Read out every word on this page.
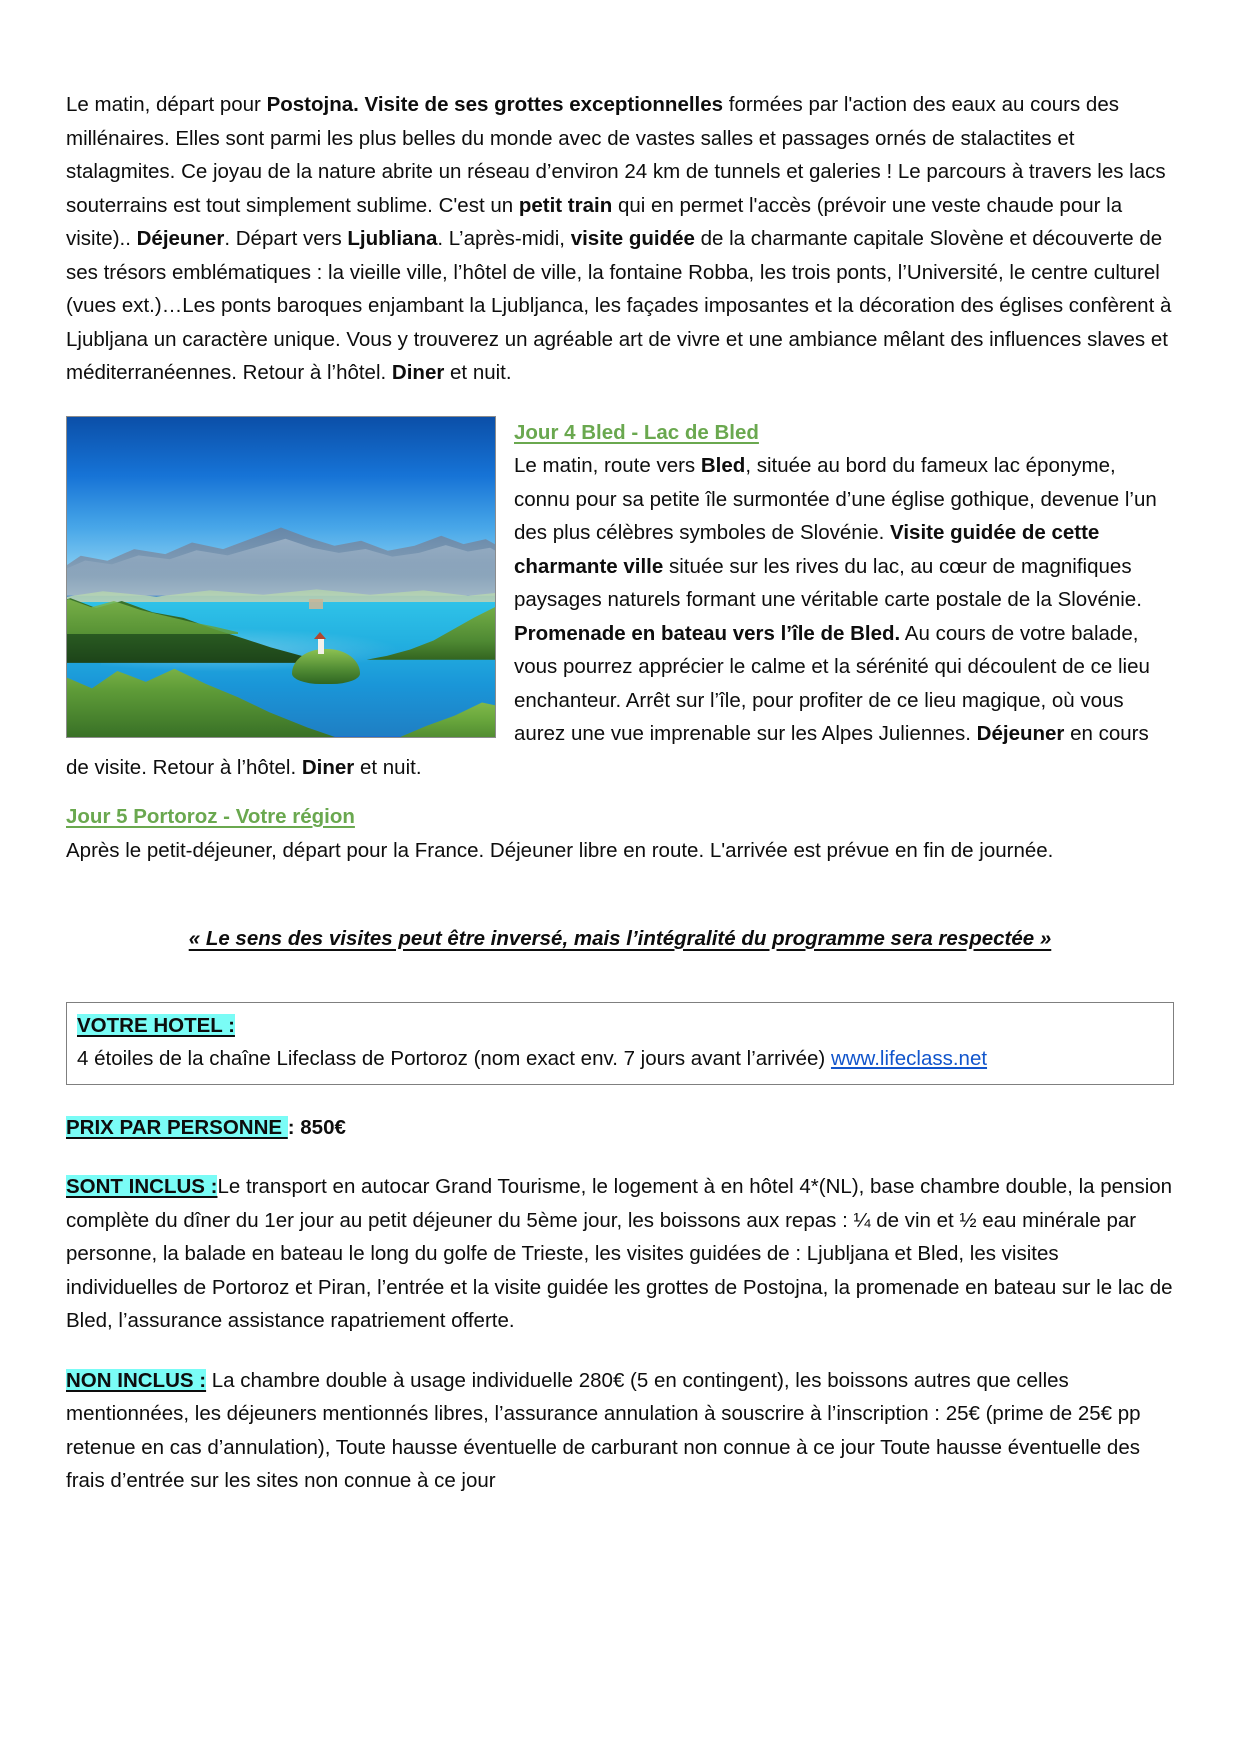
Le matin, départ pour Postojna. Visite de ses grottes exceptionnelles formées par l'action des eaux au cours des millénaires. Elles sont parmi les plus belles du monde avec de vastes salles et passages ornés de stalactites et stalagmites. Ce joyau de la nature abrite un réseau d’environ 24 km de tunnels et galeries ! Le parcours à travers les lacs souterrains est tout simplement sublime. C'est un petit train qui en permet l'accès (prévoir une veste chaude pour la visite).. Déjeuner. Départ vers Ljubliana. L’après-midi, visite guidée de la charmante capitale Slovène et découverte de ses trésors emblématiques : la vieille ville, l’hôtel de ville, la fontaine Robba, les trois ponts, l’Université, le centre culturel (vues ext.)…Les ponts baroques enjambant la Ljubljanca, les façades imposantes et la décoration des églises confèrent à Ljubljana un caractère unique. Vous y trouverez un agréable art de vivre et une ambiance mêlant des influences slaves et méditerranéennes. Retour à l’hôtel. Diner et nuit.

Jour 4 Bled - Lac de Bled
Le matin, route vers Bled, située au bord du fameux lac éponyme, connu pour sa petite île surmontée d’une église gothique, devenue l’un des plus célèbres symboles de Slovénie. Visite guidée de cette charmante ville située sur les rives du lac, au cœur de magnifiques paysages naturels formant une véritable carte postale de la Slovénie. Promenade en bateau vers l’île de Bled. Au cours de votre balade, vous pourrez apprécier le calme et la sérénité qui découlent de ce lieu enchanteur. Arrêt sur l’île, pour profiter de ce lieu magique, où vous aurez une vue imprenable sur les Alpes Juliennes. Déjeuner en cours de visite. Retour à l’hôtel. Diner et nuit.

Jour 5 Portoroz - Votre région

Après le petit-déjeuner, départ pour la France. Déjeuner libre en route. L'arrivée est prévue en fin de journée.

« Le sens des visites peut être inversé, mais l’intégralité du programme sera respectée »

VOTRE HOTEL :

4 étoiles de la chaîne Lifeclass de Portoroz (nom exact env. 7 jours avant l’arrivée) www.lifeclass.net

PRIX PAR PERSONNE : 850€

SONT INCLUS :Le transport en autocar Grand Tourisme, le logement à en hôtel 4*(NL), base chambre double, la pension complète du dîner du 1er jour au petit déjeuner du 5ème jour, les boissons aux repas : ¼ de vin et ½ eau minérale par personne, la balade en bateau le long du golfe de Trieste, les visites guidées de : Ljubljana et Bled, les visites individuelles de Portoroz et Piran, l’entrée et la visite guidée les grottes de Postojna, la promenade en bateau sur le lac de Bled, l’assurance assistance rapatriement offerte.

NON INCLUS : La chambre double à usage individuelle 280€ (5 en contingent), les boissons autres que celles mentionnées, les déjeuners mentionnés libres, l’assurance annulation à souscrire à l’inscription : 25€ (prime de 25€ pp retenue en cas d’annulation), Toute hausse éventuelle de carburant non connue à ce jour Toute hausse éventuelle des frais d’entrée sur les sites non connue à ce jour
